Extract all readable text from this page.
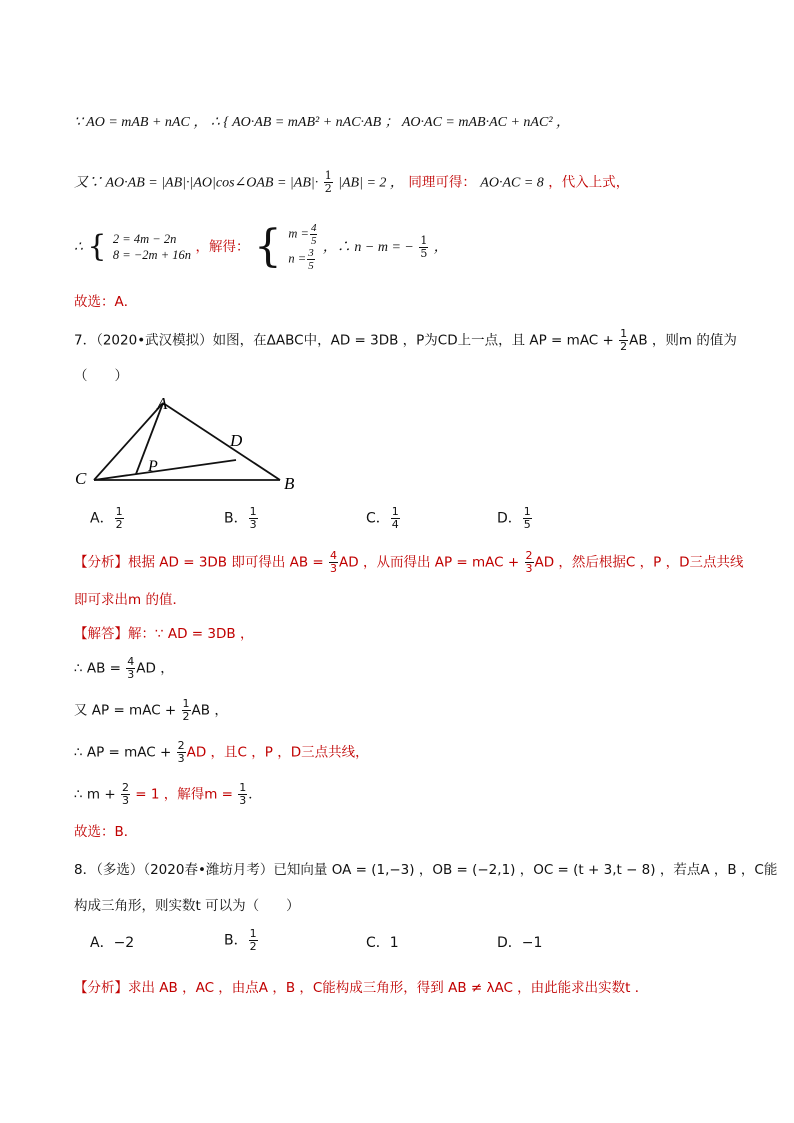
∵ AO = mAB + nAC ， ∴ { AO·AB = mAB² + nAC·AB ； AO·AC = mAB·AC + nAC² ，
又∵ AO·AB = |AB|·|AO|cos∠OAB = $|AB|\cdot \frac{1}{2} |AB| = 2$ ， 同理可得： AO·AC = 8 ，代入上式，
∴ { 2 = 4m − 2n
8 = −2m + 16n ，解得： { $m = \frac{4}{5}$
$n = \frac{3}{5}$ ，∴ n − m = − $\frac{1}{5}$ ，
故选：A．
7．（2020•武汉模拟）如图，在ΔABC中，AD = 3DB ，P为CD上一点，且 AP = mAC + $\frac{1}{2}$ AB ，则m 的值为
（　　）
A
D
P
C	B
A． $\frac{1}{2}$	B． $\frac{1}{3}$	C． $\frac{1}{4}$	D． $\frac{1}{5}$
【分析】根据 AD = 3DB 即可得出 AB = $\frac{4}{3}$ AD ，从而得出 AP = mAC + $\frac{2}{3}$ AD ，然后根据C ，P ，D三点共线
即可求出m 的值．
【解答】解：∵ AD = 3DB ，
∴ AB = $\frac{4}{3}$ AD ，
又 AP = mAC + $\frac{1}{2}$ AB ，
∴ AP = mAC + $\frac{2}{3}$ AD ，且C ，P ，D三点共线，
∴ $m + \frac{2}{3} = 1$ ，解得$m = \frac{1}{3}$ ．
故选：B．
8．（多选）（2020春•潍坊月考）已知向量 OA = (1,−3) ，OB = (−2,1) ，OC = (t + 3,t − 8) ，若点A ，B ，C能
构成三角形，则实数t 可以为（　　）
A．−2	B． $\frac{1}{2}$	C．1	D．−1
【分析】求出 AB ，AC ，由点A ，B ，C能构成三角形，得到 AB ≠ λAC ，由此能求出实数t ．
